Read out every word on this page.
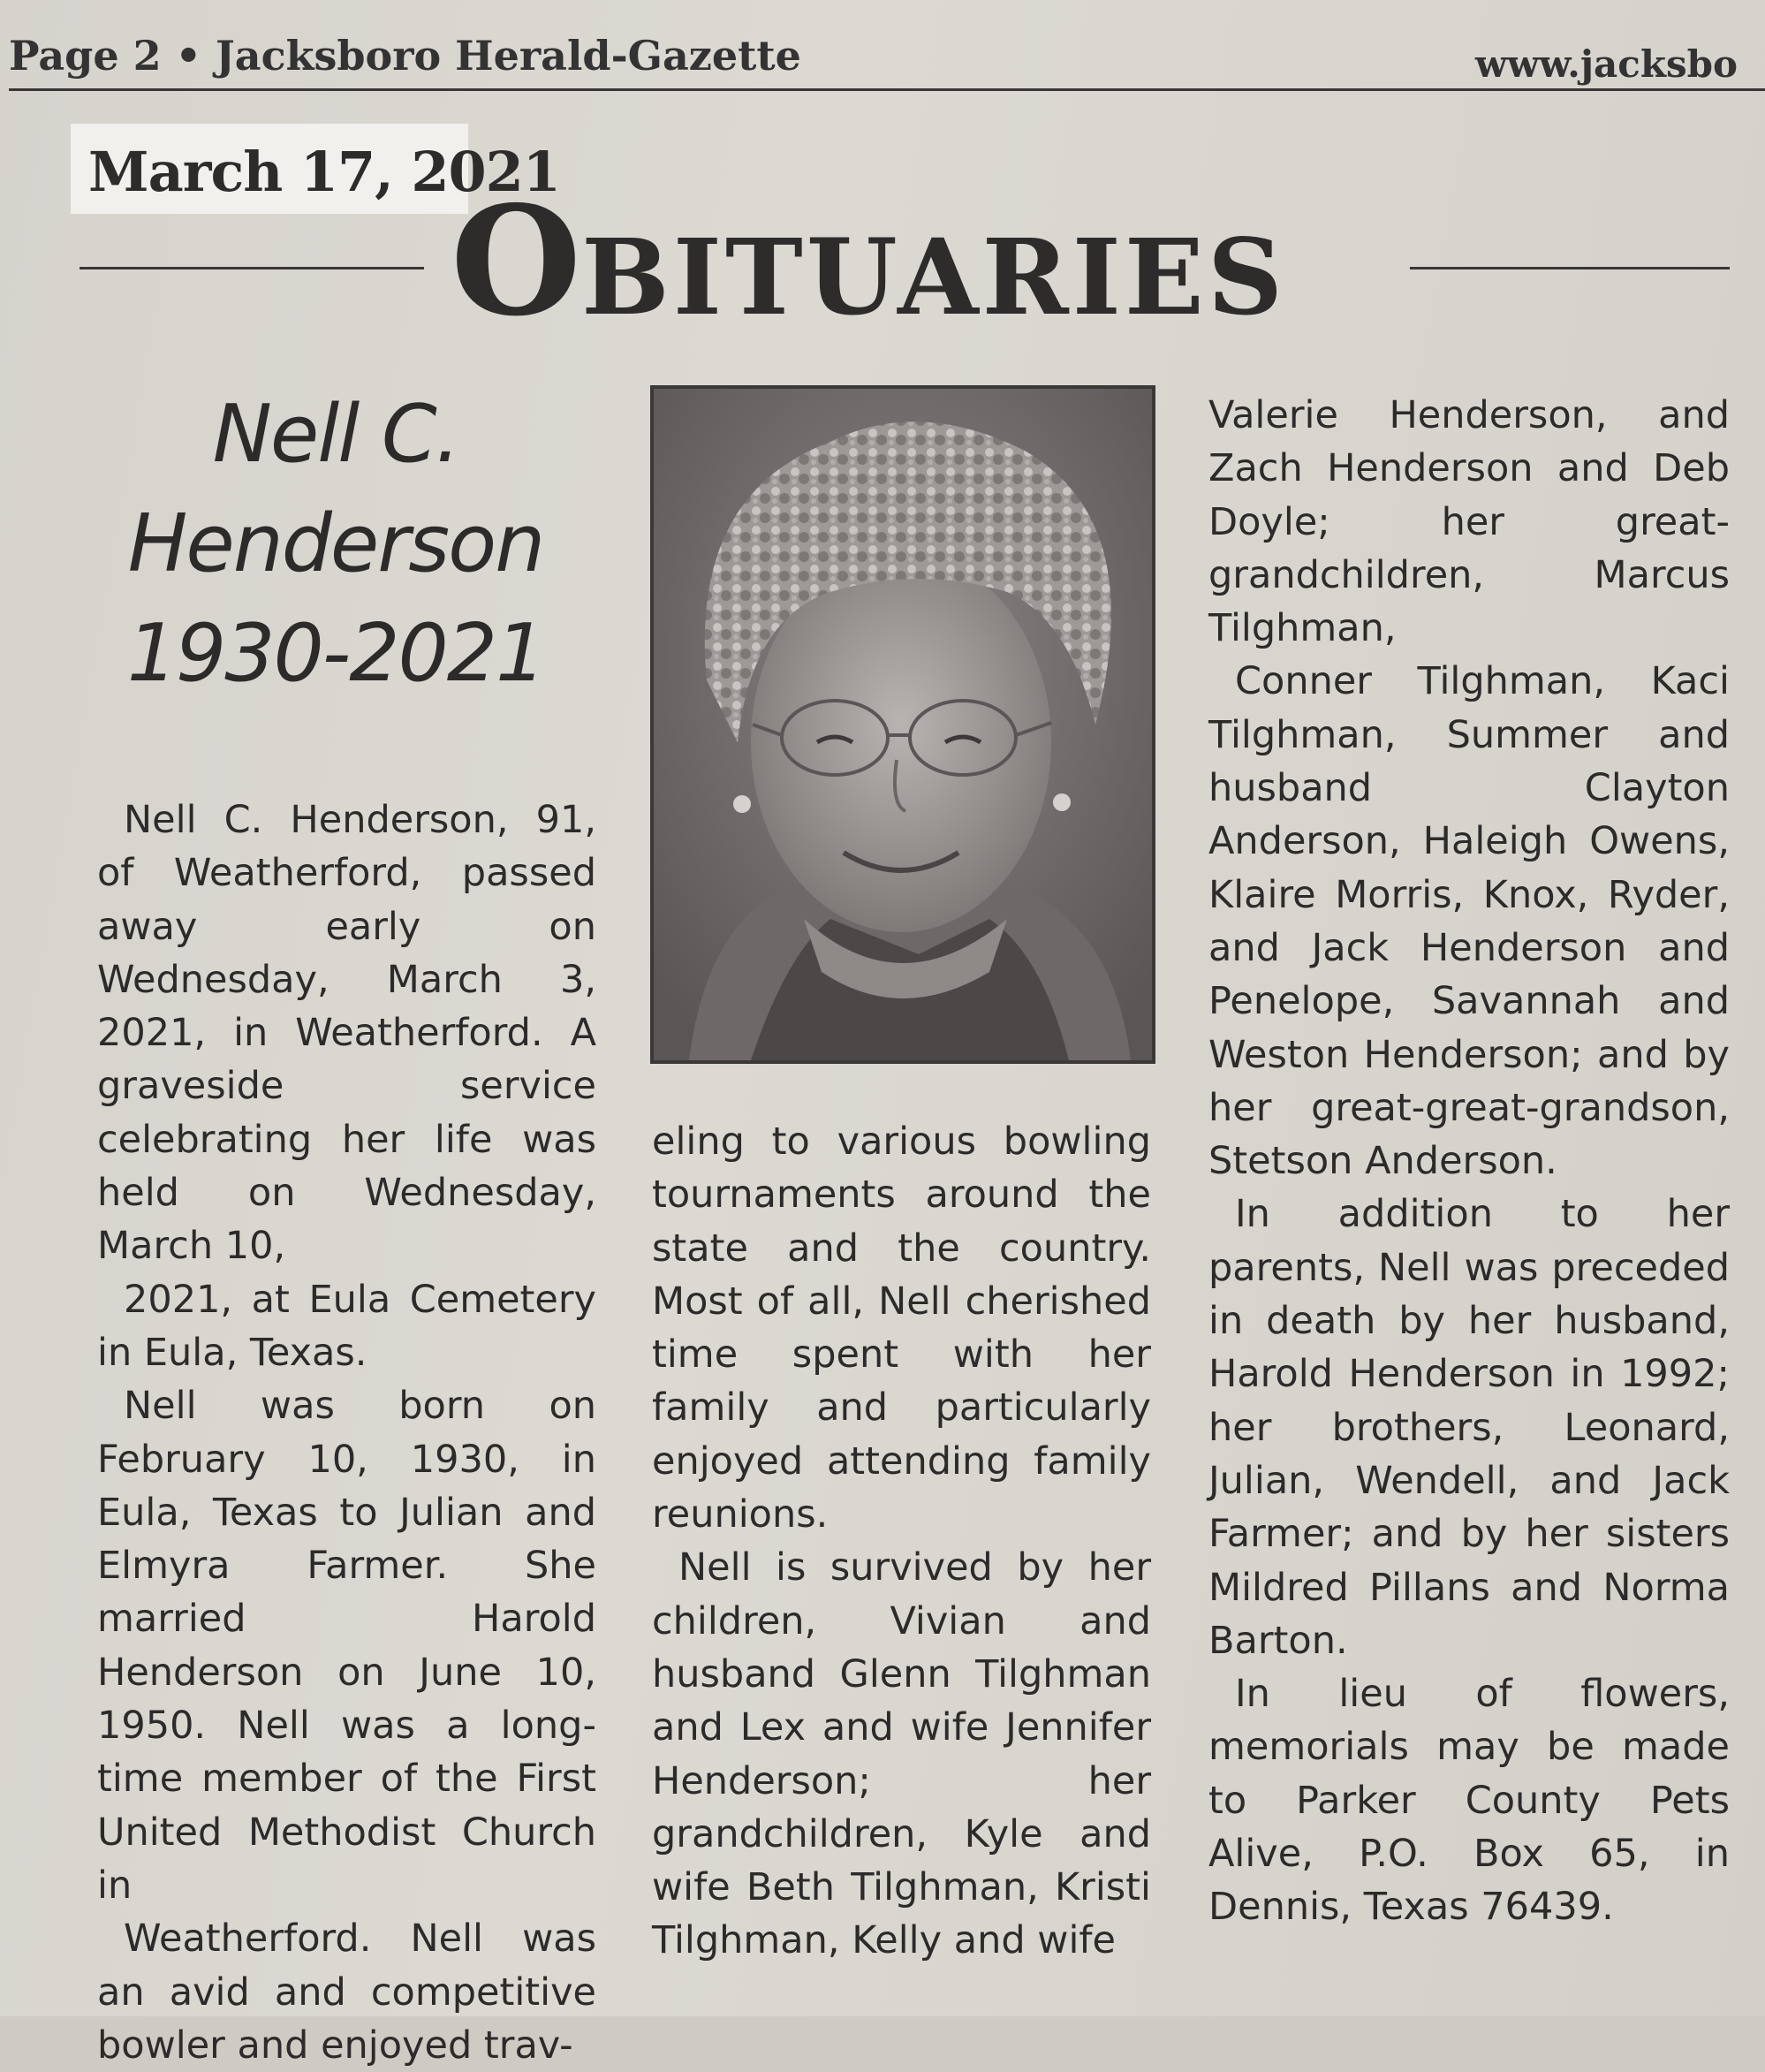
Page 2 • Jacksboro Herald-Gazette	www.jacksbo
March 17, 2021
OBITUARIES
Nell C.
Henderson
1930-2021

Nell C. Henderson, 91, of Weatherford, passed away early on Wednesday, March 3, 2021, in Weatherford. A graveside service celebrating her life was held on Wednesday, March 10,

2021, at Eula Cemetery in Eula, Texas.

Nell was born on February 10, 1930, in Eula, Texas to Julian and Elmyra Farmer. She married Harold Henderson on June 10, 1950. Nell was a long-time member of the First United Methodist Church in

Weatherford. Nell was an avid and competitive bowler and enjoyed trav-

eling to various bowling tournaments around the state and the country. Most of all, Nell cherished time spent with her family and particularly enjoyed attending family reunions.

Nell is survived by her children, Vivian and husband Glenn Tilghman and Lex and wife Jennifer Henderson; her grandchildren, Kyle and wife Beth Tilghman, Kristi Tilghman, Kelly and wife

Valerie Henderson, and Zach Henderson and Deb Doyle; her great-grandchildren, Marcus Tilghman,

Conner Tilghman, Kaci Tilghman, Summer and husband Clayton Anderson, Haleigh Owens, Klaire Morris, Knox, Ryder, and Jack Henderson and Penelope, Savannah and Weston Henderson; and by her great-great-grandson, Stetson Anderson.

In addition to her parents, Nell was preceded in death by her husband, Harold Henderson in 1992; her brothers, Leonard, Julian, Wendell, and Jack Farmer; and by her sisters Mildred Pillans and Norma Barton.

In lieu of flowers, memorials may be made to Parker County Pets Alive, P.O. Box 65, in Dennis, Texas 76439.
